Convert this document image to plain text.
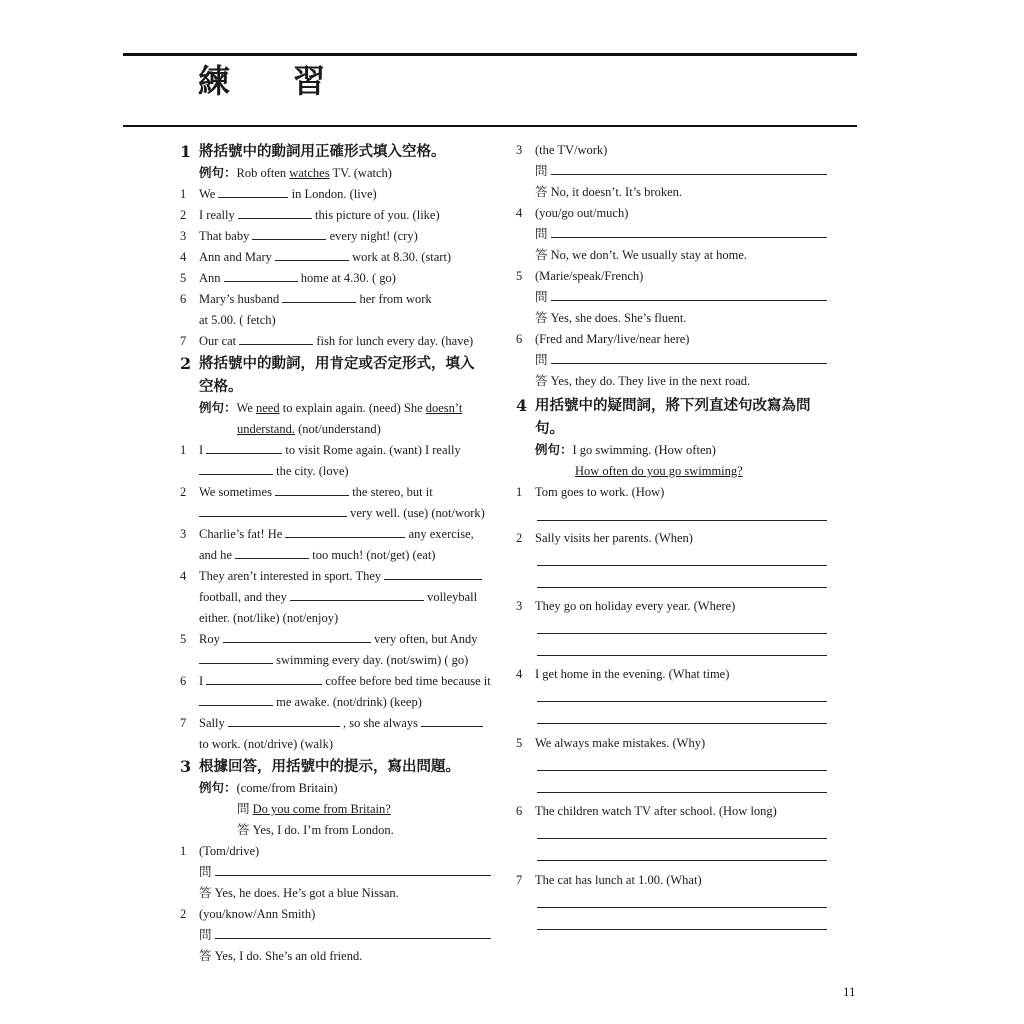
練 習
1 將括號中的動詞用正確形式填入空格。
例句：Rob often watches TV. (watch)
1 We	in London. (live)
2 I really	this picture of you. (like)
3 That baby	every night! (cry)
4 Ann and Mary	work at 8.30. (start)
5 Ann	home at 4.30. ( go)
6 Mary’s husband	her from work
at 5.00. ( fetch)
7 Our cat	fish for lunch every day. (have)
2 將括號中的動詞，用肯定或否定形式，填入
空格。
例句：We need to explain again. (need) She doesn’t
understand. (not/understand)
1 I	to visit Rome again. (want) I really
the city. (love)
2 We sometimes	the stereo, but it
very well. (use) (not/work)
3 Charlie’s fat! He	any exercise,
and he	too much! (not/get) (eat)
4 They aren’t interested in sport. They
football, and they	volleyball
either. (not/like) (not/enjoy)
5 Roy	very often, but Andy
swimming every day. (not/swim) ( go)
6 I	coffee before bed time because it
me awake. (not/drink) (keep)
7 Sally	, so she always
to work. (not/drive) (walk)
3 根據回答，用括號中的提示，寫出問題。
例句：(come/from Britain)
問 Do you come from Britain?
答 Yes, I do. I’m from London.
1 (Tom/drive)
問
答 Yes, he does. He’s got a blue Nissan.
2 (you/know/Ann Smith)
問
答 Yes, I do. She’s an old friend.
3 (the TV/work)
問
答 No, it doesn’t. It’s broken.
4 (you/go out/much)
問
答 No, we don’t. We usually stay at home.
5 (Marie/speak/French)
問
答 Yes, she does. She’s fluent.
6 (Fred and Mary/live/near here)
問
答 Yes, they do. They live in the next road.
4 用括號中的疑問詞，將下列直述句改寫為問
句。
例句：I go swimming. (How often)
How often do you go swimming?
1 Tom goes to work. (How)
2 Sally visits her parents. (When)
3 They go on holiday every year. (Where)
4 I get home in the evening. (What time)
5 We always make mistakes. (Why)
6 The children watch TV after school. (How long)
7 The cat has lunch at 1.00. (What)
11
